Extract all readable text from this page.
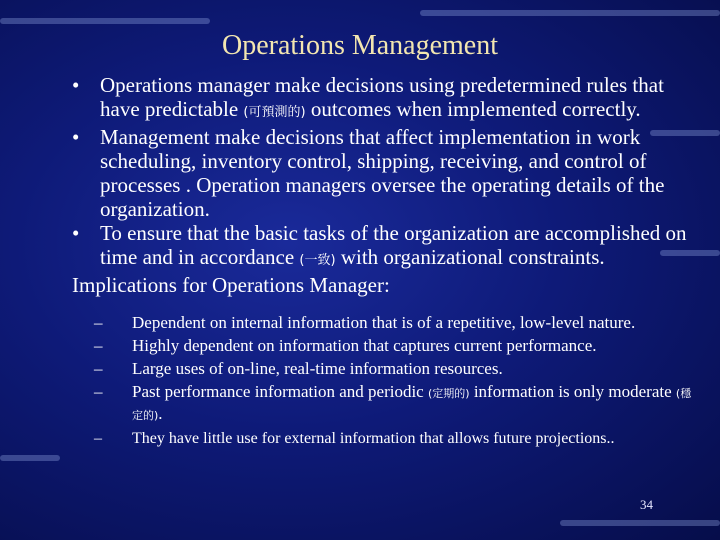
Operations Management

• Operations manager make decisions using predetermined rules that have predictable (可預測的) outcomes when implemented correctly.

• Management make decisions that affect implementation in work scheduling, inventory control, shipping, receiving, and control of processes . Operation managers oversee the operating details of the organization.

• To ensure that the basic tasks of the organization are accomplished on time and in accordance (一致) with organizational constraints.

Implications for Operations Manager:

– Dependent on internal information that is of a repetitive, low-level nature.

– Highly dependent on information that captures current performance.

– Large uses of on-line, real-time information resources.

– Past performance information and periodic (定期的) information is only moderate (穩定的).

– They have little use for external information that allows future projections..

34
